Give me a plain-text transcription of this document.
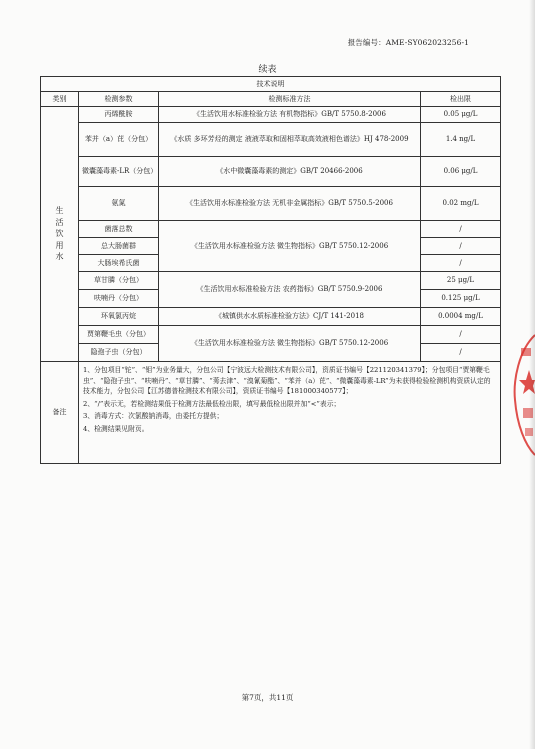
报告编号：AME-SY062023256-1
续表
技术说明			
类别	检测参数	检测标准方法	检出限
生
活
饮
用
水	丙烯酰胺	《生活饮用水标准检验方法 有机物指标》GB/T 5750.8-2006	0.05 μg/L
	苯并（a）芘（分包）	《水质 多环芳烃的测定 液液萃取和固相萃取高效液相色谱法》HJ 478-2009	1.4 ng/L
	微囊藻毒素-LR（分包）	《水中微囊藻毒素的测定》GB/T 20466-2006	0.06 μg/L
	氨氮	《生活饮用水标准检验方法 无机非金属指标》GB/T 5750.5-2006	0.02 mg/L
	菌落总数	《生活饮用水标准检验方法 微生物指标》GB/T 5750.12-2006	/
	总大肠菌群		/
	大肠埃希氏菌		/
	草甘膦（分包）	《生活饮用水标准检验方法 农药指标》GB/T 5750.9-2006	25 μg/L
	呋喃丹（分包）		0.125 μg/L
	环氧氯丙烷	《城镇供水水质标准检验方法》CJ/T 141-2018	0.0004 mg/L
	贾第鞭毛虫（分包）	《生活饮用水标准检验方法 微生物指标》GB/T 5750.12-2006	/
	隐孢子虫（分包）		/
备注	1、分包项目“铊”、“钼”为业务量大，分包公司【宁波远大检测技术有限公司】，资质证书编号【221120341379】；分包项目“贾第鞭毛虫”、“隐孢子虫”、“呋喃丹”、“草甘膦”、“莠去津”、“溴氰菊酯”、“苯并（a）芘”、“微囊藻毒素-LR”为未获得检验检测机构资质认定的技术能力，分包公司【江苏德普检测技术有限公司】，资质证书编号【181000340577】；

2、“/”表示无，若检测结果低于检测方法最低检出限，填写最低检出限并加“<”表示；

3、消毒方式：次氯酸钠消毒，由委托方提供；

4、检测结果见附页。		

第7页，共11页
